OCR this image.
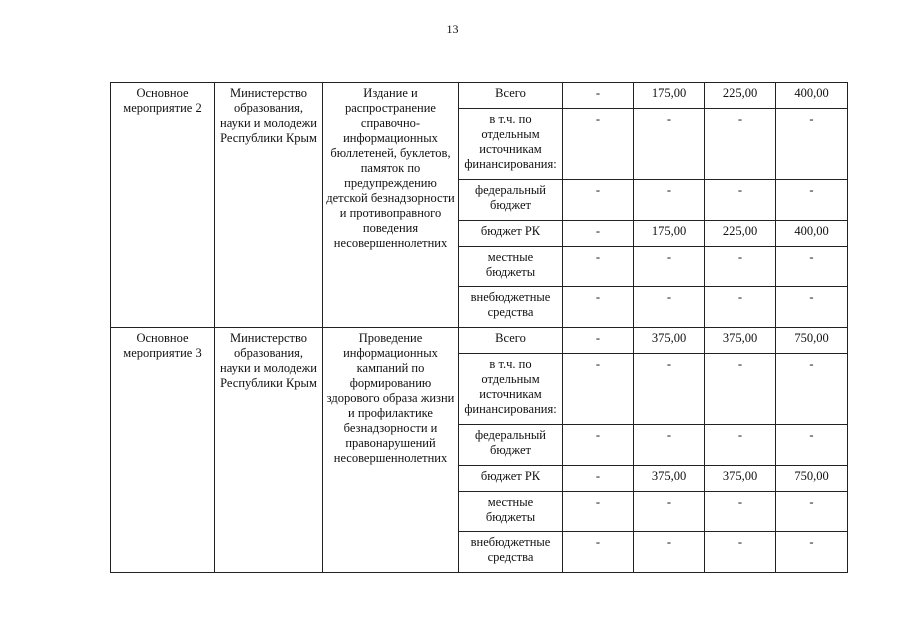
13
Основное мероприятие 2	Министерство образования, науки и молодежи Республики Крым	Издание и распространение справочно-информационных бюллетеней, буклетов, памяток по предупреждению детской безнадзорности и противоправного поведения несовершеннолетних	Всего	-	175,00	225,00	400,00
			в т.ч. по отдельным источникам финансирования:	-	-	-	-
			федеральный бюджет	-	-	-	-
			бюджет РК	-	175,00	225,00	400,00
			местные бюджеты	-	-	-	-
			внебюджетные средства	-	-	-	-
Основное мероприятие 3	Министерство образования, науки и молодежи Республики Крым	Проведение информационных кампаний по формированию здорового образа жизни и профилактике безнадзорности и правонарушений несовершеннолетних	Всего	-	375,00	375,00	750,00
			в т.ч. по отдельным источникам финансирования:	-	-	-	-
			федеральный бюджет	-	-	-	-
			бюджет РК	-	375,00	375,00	750,00
			местные бюджеты	-	-	-	-
			внебюджетные средства	-	-	-	-
